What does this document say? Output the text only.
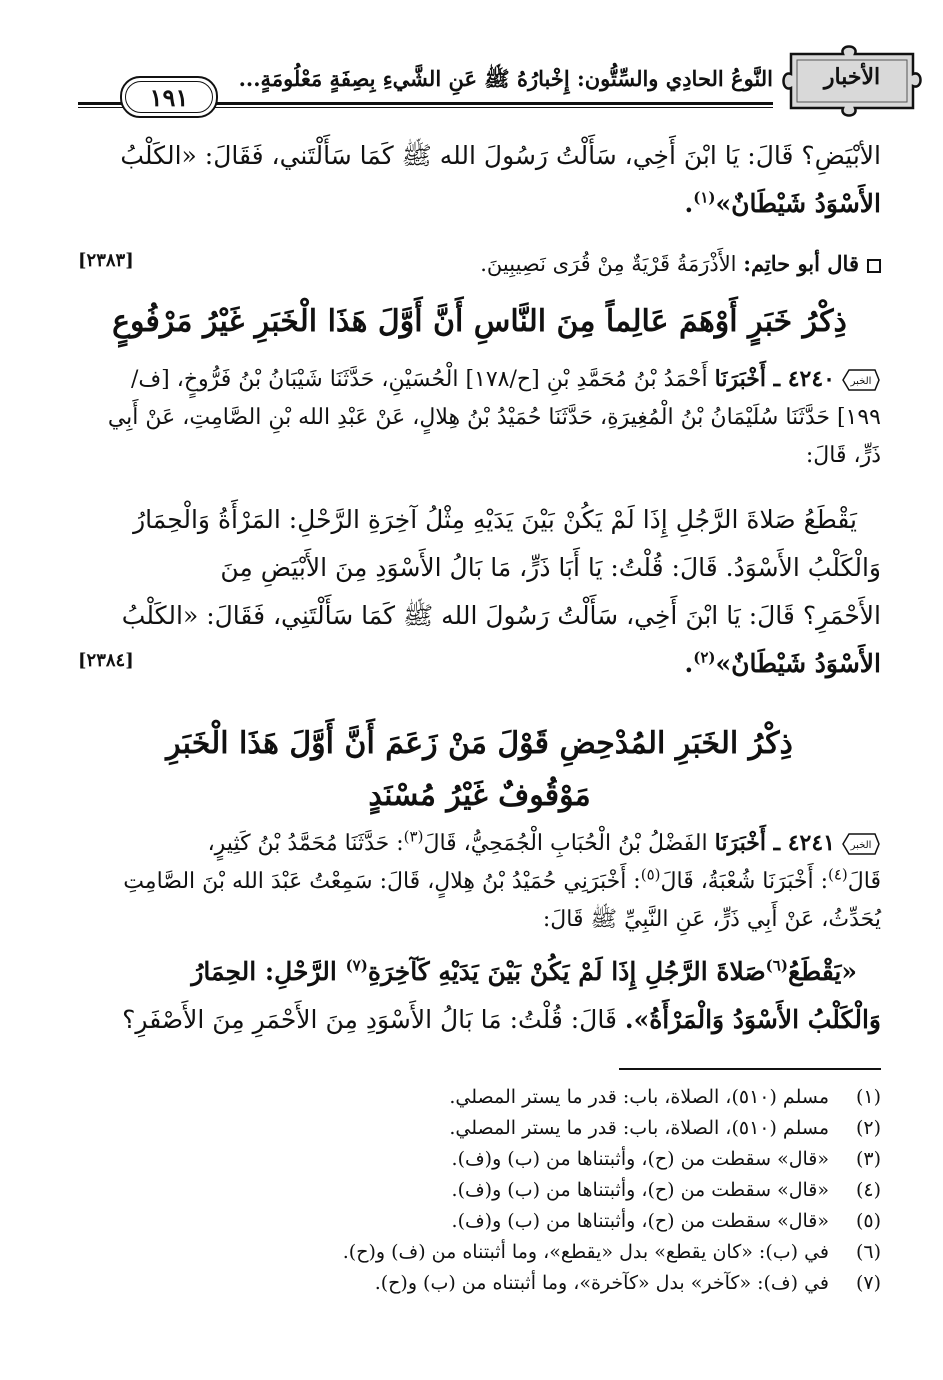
الأخبار
النَّوعُ الحادِي والسِّتُّون: إِخْبارُهُ ﷺ عَنِ الشَّيءِ بِصِفَةٍ مَعْلُومَةٍ...
١٩١
الأبْيَضِ؟ قَالَ: يَا ابْنَ أَخِي، سَأَلْتُ رَسُولَ الله ﷺ كَمَا سَأَلْتَني، فَقَالَ: «الكَلْبُ
الأَسْوَدُ شَيْطَانٌ»$^{(١)}$.
قال أبو حاتِم: الأَذْرَمَةُ قَرْيَةٌ مِنْ قُرَى نَصِيبِينَ.
[٢٣٨٣]
ذِكْرُ خَبَرٍ أَوْهَمَ عَالِماً مِنَ النَّاسِ أَنَّ أَوَّلَ هَذَا الْخَبَرِ غَيْرُ مَرْفُوعٍ
الخبر
٤٢٤٠ ـ أَخْبَرَنَا أَحْمَدُ بْنُ مُحَمَّدِ بْنِ [ح/١٧٨] الْحُسَيْنِ، حَدَّثَنَا شَيْبَانُ بْنُ فَرُّوخٍ، [ف/
١٩٩] حَدَّثَنَا سُلَيْمَانُ بْنُ الْمُغِيرَةِ، حَدَّثَنَا حُمَيْدُ بْنُ هِلالٍ، عَنْ عَبْدِ الله بْنِ الصَّامِتِ، عَنْ أَبِي
ذَرٍّ، قَالَ:
يَقْطَعُ صَلاةَ الرَّجُلِ إِذَا لَمْ يَكُنْ بَيْنَ يَدَيْهِ مِثْلُ آخِرَةِ الرَّحْلِ: المَرْأَةُ وَالْحِمَارُ
وَالْكَلْبُ الأَسْوَدُ. قَالَ: قُلْتُ: يَا أَبَا ذَرٍّ، مَا بَالُ الأَسْوَدِ مِنَ الأَبْيَضِ مِنَ
الأَحْمَرِ؟ قَالَ: يَا ابْنَ أَخِي، سَأَلْتُ رَسُولَ الله ﷺ كَمَا سَأَلْتَنِي، فَقَالَ: «الكَلْبُ
الأَسْوَدُ شَيْطَانٌ»$^{(٢)}$.
[٢٣٨٤]
ذِكْرُ الخَبَرِ المُدْحِضِ قَوْلَ مَنْ زَعَمَ أَنَّ أَوَّلَ هَذَا الْخَبَرِ
مَوْقُوفٌ غَيْرُ مُسْنَدٍ
الخبر
٤٢٤١ ـ أَخْبَرَنَا الفَضْلُ بْنُ الْحُبَابِ الْجُمَحِيُّ، قَالَ$^{(٣)}$: حَدَّثَنَا مُحَمَّدُ بْنُ كَثِيرٍ،
قَالَ$^{(٤)}$: أَخْبَرَنَا شُعْبَةُ، قَالَ$^{(٥)}$: أَخْبَرَنِي حُمَيْدُ بْنُ هِلالٍ، قَالَ: سَمِعْتُ عَبْدَ الله بْنَ الصَّامِتِ
يُحَدِّثُ، عَنْ أَبِي ذَرٍّ، عَنِ النَّبِيِّ ﷺ قَالَ:
«يَقْطَعُ$^{(٦)}$صَلاةَ الرَّجُلِ إِذَا لَمْ يَكُنْ بَيْنَ يَدَيْهِ كَآخِرَةِ$^{(٧)}$ الرَّحْلِ: الحِمَارُ
وَالْكَلْبُ الأَسْوَدُ وَالْمَرْأَةُ». قَالَ: قُلْتُ: مَا بَالُ الأَسْوَدِ مِنَ الأَحْمَرِ مِنَ الأَصْفَرِ؟
(١)
مسلم (٥١٠)، الصلاة، باب: قدر ما يستر المصلي.
(٢)
مسلم (٥١٠)، الصلاة، باب: قدر ما يستر المصلي.
(٣)
«قال» سقطت من (ح)، وأثبتناها من (ب) و(ف).
(٤)
«قال» سقطت من (ح)، وأثبتناها من (ب) و(ف).
(٥)
«قال» سقطت من (ح)، وأثبتناها من (ب) و(ف).
(٦)
في (ب): «كان يقطع» بدل «يقطع»، وما أثبتناه من (ف) و(ح).
(٧)
في (ف): «كآخر» بدل «كآخرة»، وما أثبتناه من (ب) و(ح).
